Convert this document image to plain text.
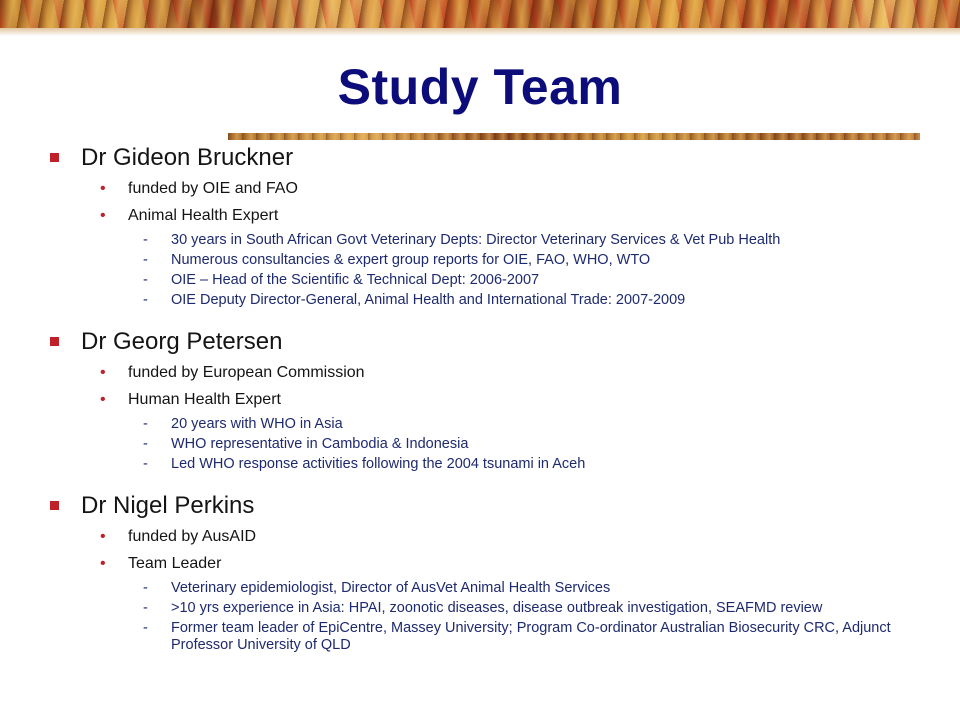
Study Team
Dr Gideon Bruckner
•	funded by OIE and FAO
•	Animal Health Expert
-	30 years in South African Govt Veterinary Depts: Director Veterinary Services & Vet Pub Health
-	Numerous consultancies & expert group reports for OIE, FAO, WHO, WTO
-	OIE – Head of the Scientific & Technical Dept: 2006-2007
-	OIE Deputy Director-General, Animal Health and International Trade: 2007-2009
Dr Georg Petersen
•	funded by European Commission
•	Human Health Expert
-	20 years with WHO in Asia
-	WHO representative in Cambodia & Indonesia
-	Led WHO response activities following the 2004 tsunami in Aceh
Dr Nigel Perkins
•	funded by AusAID
•	Team Leader
-	Veterinary epidemiologist, Director of AusVet Animal Health Services
-	>10 yrs experience in Asia: HPAI, zoonotic diseases, disease outbreak investigation, SEAFMD review
-	Former team leader of EpiCentre, Massey University; Program Co-ordinator Australian Biosecurity CRC, Adjunct Professor University of QLD
